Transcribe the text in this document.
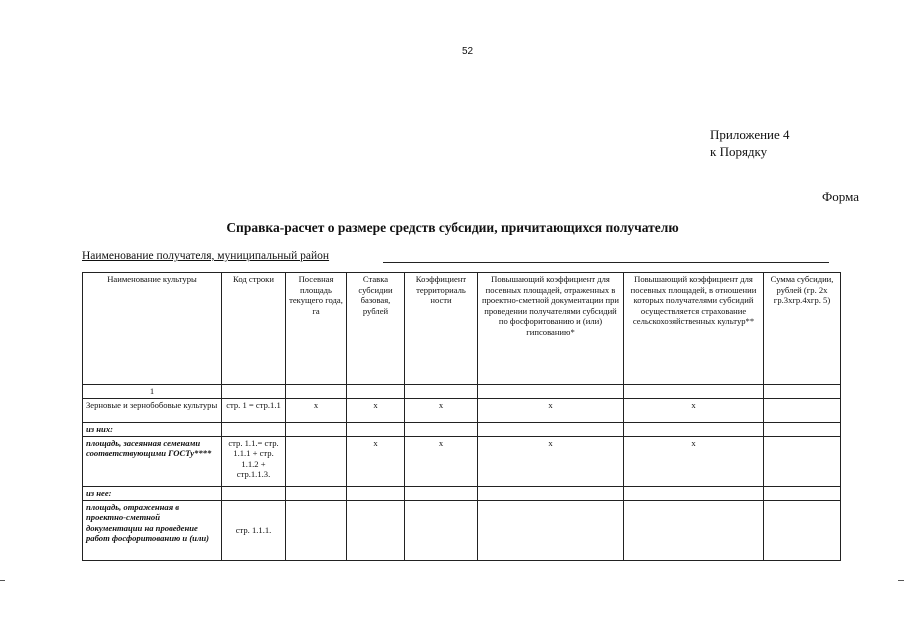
52
Приложение 4
к Порядку
Форма
Справка-расчет о размере средств субсидии, причитающихся получателю
Наименование получателя, муниципальный район
Наименование культуры	Код строки	Посевная площадь текущего года, га	Ставка субсидии базовая, рублей	Коэффициент территориаль ности	Повышающий коэффициент для посевных площадей, отраженных в проектно-сметной документации при проведении получателями субсидий по фосфоритованию и (или) гипсованию*	Повышающий коэффициент для посевных площадей, в отношении которых получателями субсидий осуществляется страхование сельскохозяйственных культур**	Сумма субсидии, рублей (гр. 2х гр.3хгр.4хгр. 5)
1							
Зерновые и зернобобовые культуры	стр. 1 = стр.1.1	x	x	x	x	x	
из них:							
площадь, засеянная семенами соответствующими ГОСТу****	стр. 1.1.= стр. 1.1.1 + стр. 1.1.2 + стр.1.1.3.		x	x	x	x	
из нее:							
площадь, отраженная в проектно-сметной документации на проведение работ фосфоритованию и (или)	стр. 1.1.1.						
